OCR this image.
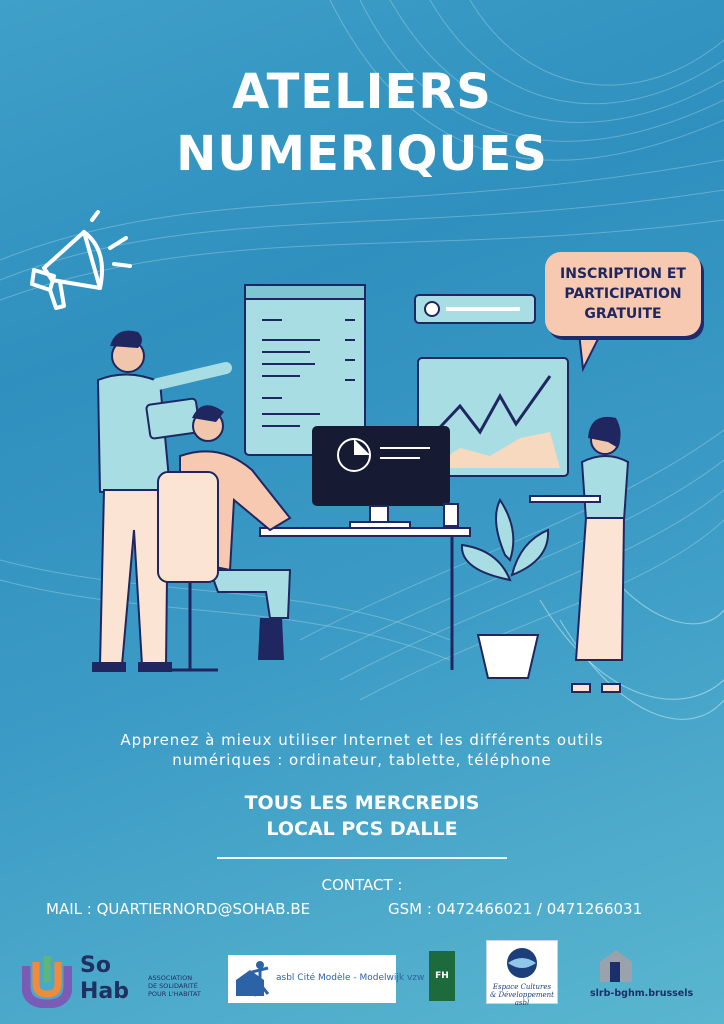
ATELIERS
NUMERIQUES
INSCRIPTION ET
PARTICIPATION
GRATUITE
Apprenez à mieux utiliser Internet et les différents outils
numériques : ordinateur, tablette, téléphone
TOUS LES MERCREDIS
LOCAL PCS DALLE
CONTACT :
MAIL : QUARTIERNORD@SOHAB.BE	GSM : 0472466021 / 0471266031
So
Hab
ASSOCIATION
DE SOLIDARITÉ
POUR L'HABITAT
asbl Cité Modèle - Modelwijk vzw	FH
Espace Cultures
& Développement asbl
slrb-bghm.brussels
